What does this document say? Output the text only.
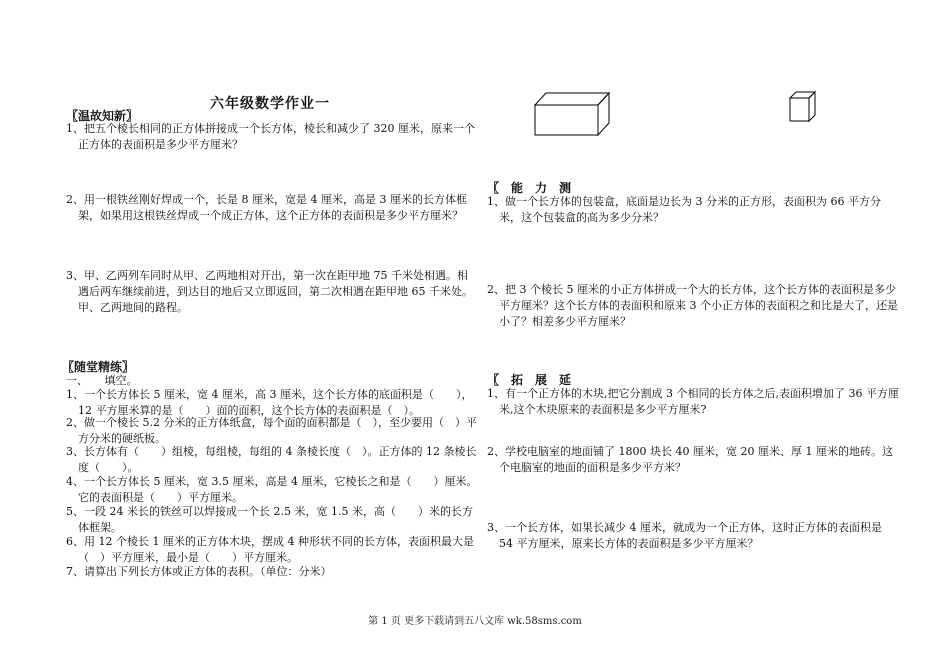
六年级数学作业一
〖温故知新〗
1、把五个棱长相同的正方体拼接成一个长方体，棱长和减少了 320 厘米，原来一个正方体的表面积是多少平方厘米？
2、用一根铁丝刚好焊成一个，长是 8 厘米，宽是 4 厘米，高是 3 厘米的长方体框架，如果用这根铁丝焊成一个成正方体，这个正方体的表面积是多少平方厘米？
3、甲、乙两列车同时从甲、乙两地相对开出，第一次在距甲地 75 千米处相遇。相遇后两车继续前进，到达目的地后又立即返回，第二次相遇在距甲地 65 千米处。甲、乙两地间的路程。
〖随堂精练〗
一、　　填空。
1、一个长方体长 5 厘米，宽 4 厘米，高 3 厘米，这个长方体的底面积是（　　），12 平方厘米算的是（　　）面的面积，这个长方体的表面积是（　）。
2、做一个棱长 5.2 分米的正方体纸盒，每个面的面积都是（　），至少要用（　）平方分米的硬纸板。
3、长方体有（　　）组棱，每组棱，每组的 4 条棱长度（　）。正方体的 12 条棱长度（　　）。
4、一个长方体长 5 厘米，宽 3.5 厘米，高是 4 厘米，它棱长之和是（　　）厘米。它的表面积是（　　）平方厘米。
5、一段 24 米长的铁丝可以焊接成一个长 2.5 米，宽 1.5 米，高（　　）米的长方体框架。
6、用 12 个棱长 1 厘米的正方体木块，摆成 4 种形状不同的长方体，表面积最大是（　）平方厘米，最小是（　　）平方厘米。
7、请算出下列长方体或正方体的表积。（单位：分米）
〖　能　力　测
1、做一个长方体的包装盒，底面是边长为 3 分米的正方形，表面积为 66 平方分米，这个包装盒的高为多少分米？
2、把 3 个棱长 5 厘米的小正方体拼成一个大的长方体，这个长方体的表面积是多少平方厘米？这个长方体的表面积和原来 3 个小正方体的表面积之和比是大了，还是小了？相差多少平方厘米？
〖　拓　展　延
1、有一个正方体的木块,把它分割成 3 个相同的长方体之后,表面积增加了 36 平方厘米,这个木块原来的表面积是多少平方厘米?
2、学校电脑室的地面铺了 1800 块长 40 厘米，宽 20 厘米、厚 1 厘米的地砖。这个电脑室的地面的面积是多少平方米？
3、一个长方体，如果长减少 4 厘米，就成为一个正方体，这时正方体的表面积是 54 平方厘米，原来长方体的表面积是多少平方厘米？
第 1 页 更多下载请到五八文库 wk.58sms.com
